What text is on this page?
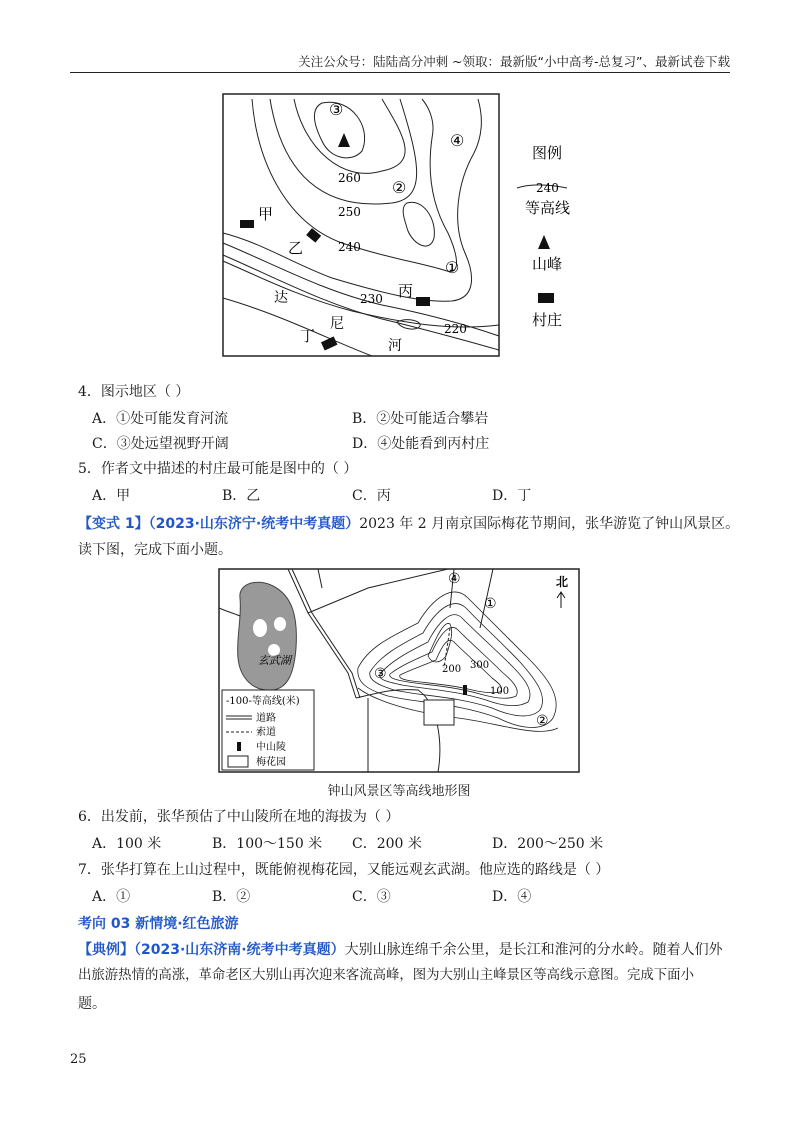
关注公众号：陆陆高分冲刺 ~领取：最新版“小中高考-总复习”、最新试卷下载
③
②
④
①
260
250
240
230
220
甲
乙
丙
丁
达
尼
河
图例
240
等高线
山峰
村庄
4．图示地区（ ）
A．①处可能发育河流	B．②处可能适合攀岩
C．③处远望视野开阔	D．④处能看到丙村庄
5．作者文中描述的村庄最可能是图中的（ ）
A．甲	B．乙	C．丙	D．丁
【变式 1】（2023·山东济宁·统考中考真题）2023 年 2 月南京国际梅花节期间，张华游览了钟山风景区。
读下图，完成下面小题。
玄武湖
④
①
③
②
200 300
100
北
-100-等高线(米)
道路
索道
中山陵
梅花园
钟山风景区等高线地形图
6．出发前，张华预估了中山陵所在地的海拔为（ ）
A．100 米	B．100～150 米 C．200 米	D．200～250 米
7．张华打算在上山过程中，既能俯视梅花园，又能远观玄武湖。他应选的路线是（ ）
A．①	B．②	C．③	D．④
考向 03 新情境·红色旅游
【典例】（2023·山东济南·统考中考真题）大别山脉连绵千余公里，是长江和淮河的分水岭。随着人们外
出旅游热情的高涨，革命老区大别山再次迎来客流高峰，图为大别山主峰景区等高线示意图。完成下面小
题。
25
